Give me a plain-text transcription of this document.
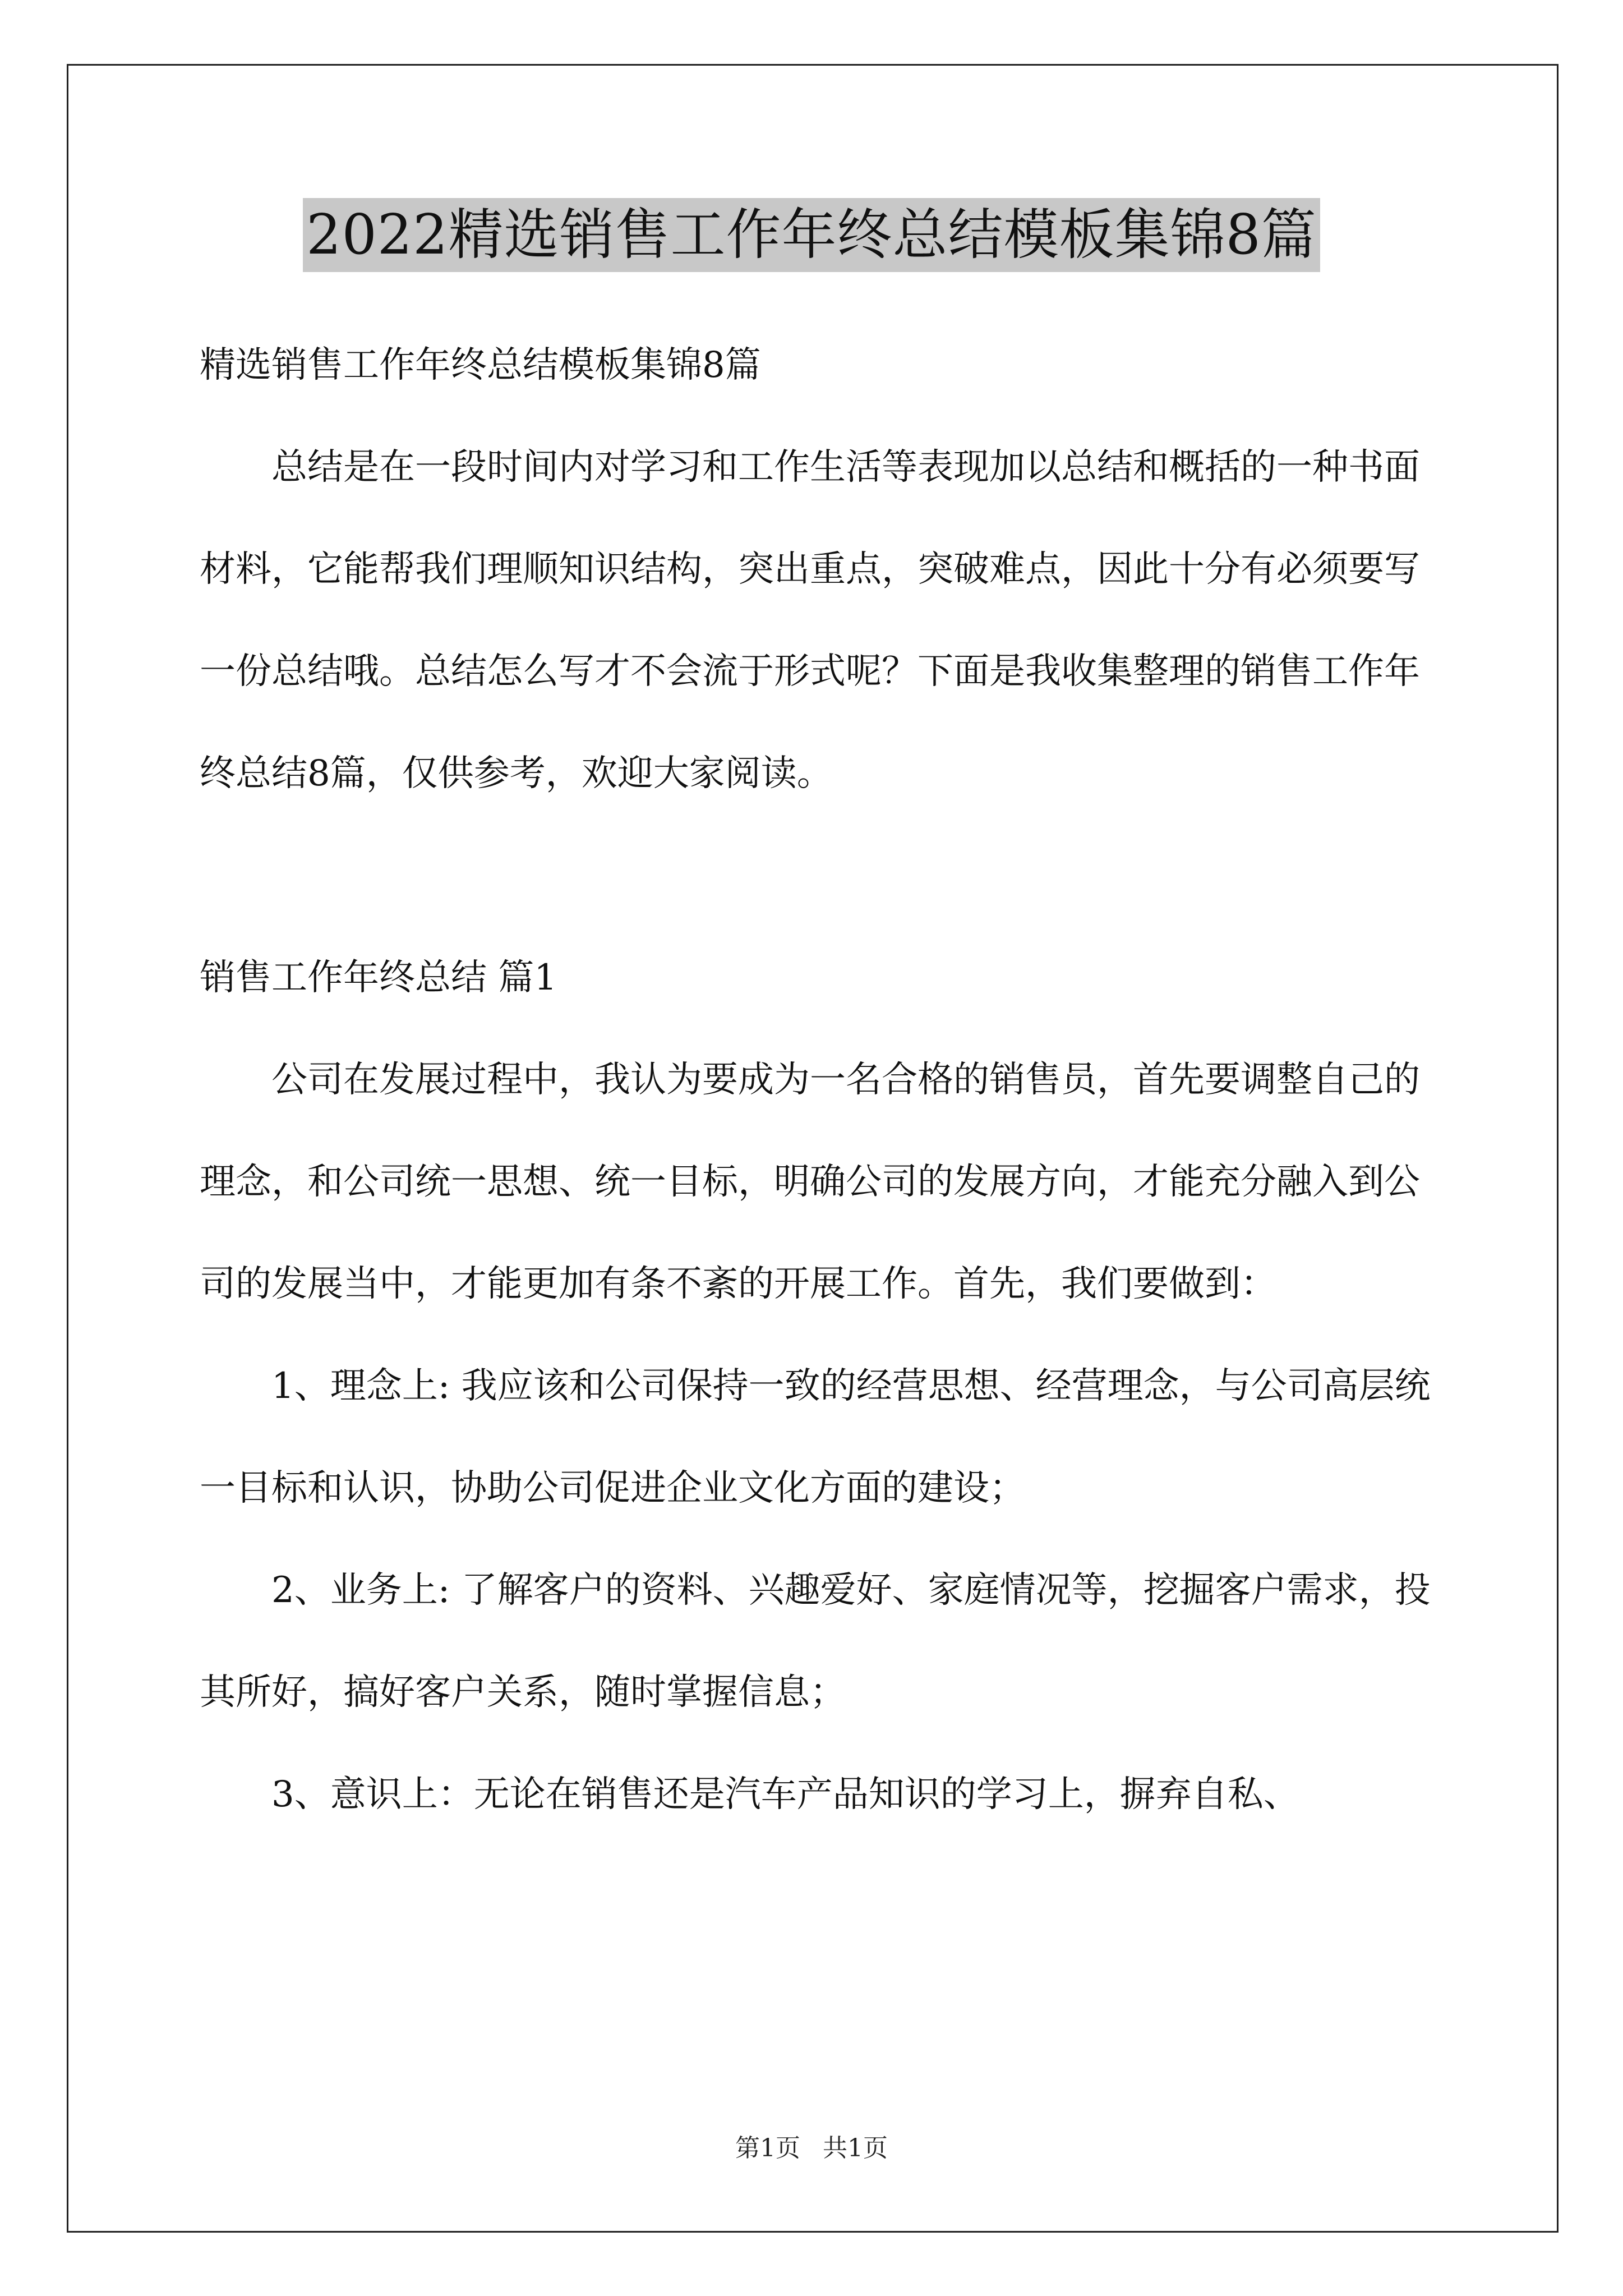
2022精选销售工作年终总结模板集锦8篇

精选销售工作年终总结模板集锦8篇

总结是在一段时间内对学习和工作生活等表现加以总结和概括的一种书面材料，它能帮我们理顺知识结构，突出重点，突破难点，因此十分有必须要写一份总结哦。总结怎么写才不会流于形式呢？下面是我收集整理的销售工作年终总结8篇，仅供参考，欢迎大家阅读。

销售工作年终总结 篇1

公司在发展过程中，我认为要成为一名合格的销售员，首先要调整自己的理念，和公司统一思想、统一目标，明确公司的发展方向，才能充分融入到公司的发展当中，才能更加有条不紊的开展工作。首先，我们要做到：

1、理念上: 我应该和公司保持一致的经营思想、经营理念，与公司高层统一目标和认识，协助公司促进企业文化方面的建设；

2、业务上: 了解客户的资料、兴趣爱好、家庭情况等，挖掘客户需求，投其所好，搞好客户关系，随时掌握信息；

3、意识上：无论在销售还是汽车产品知识的学习上，摒弃自私、

第1页 共1页
